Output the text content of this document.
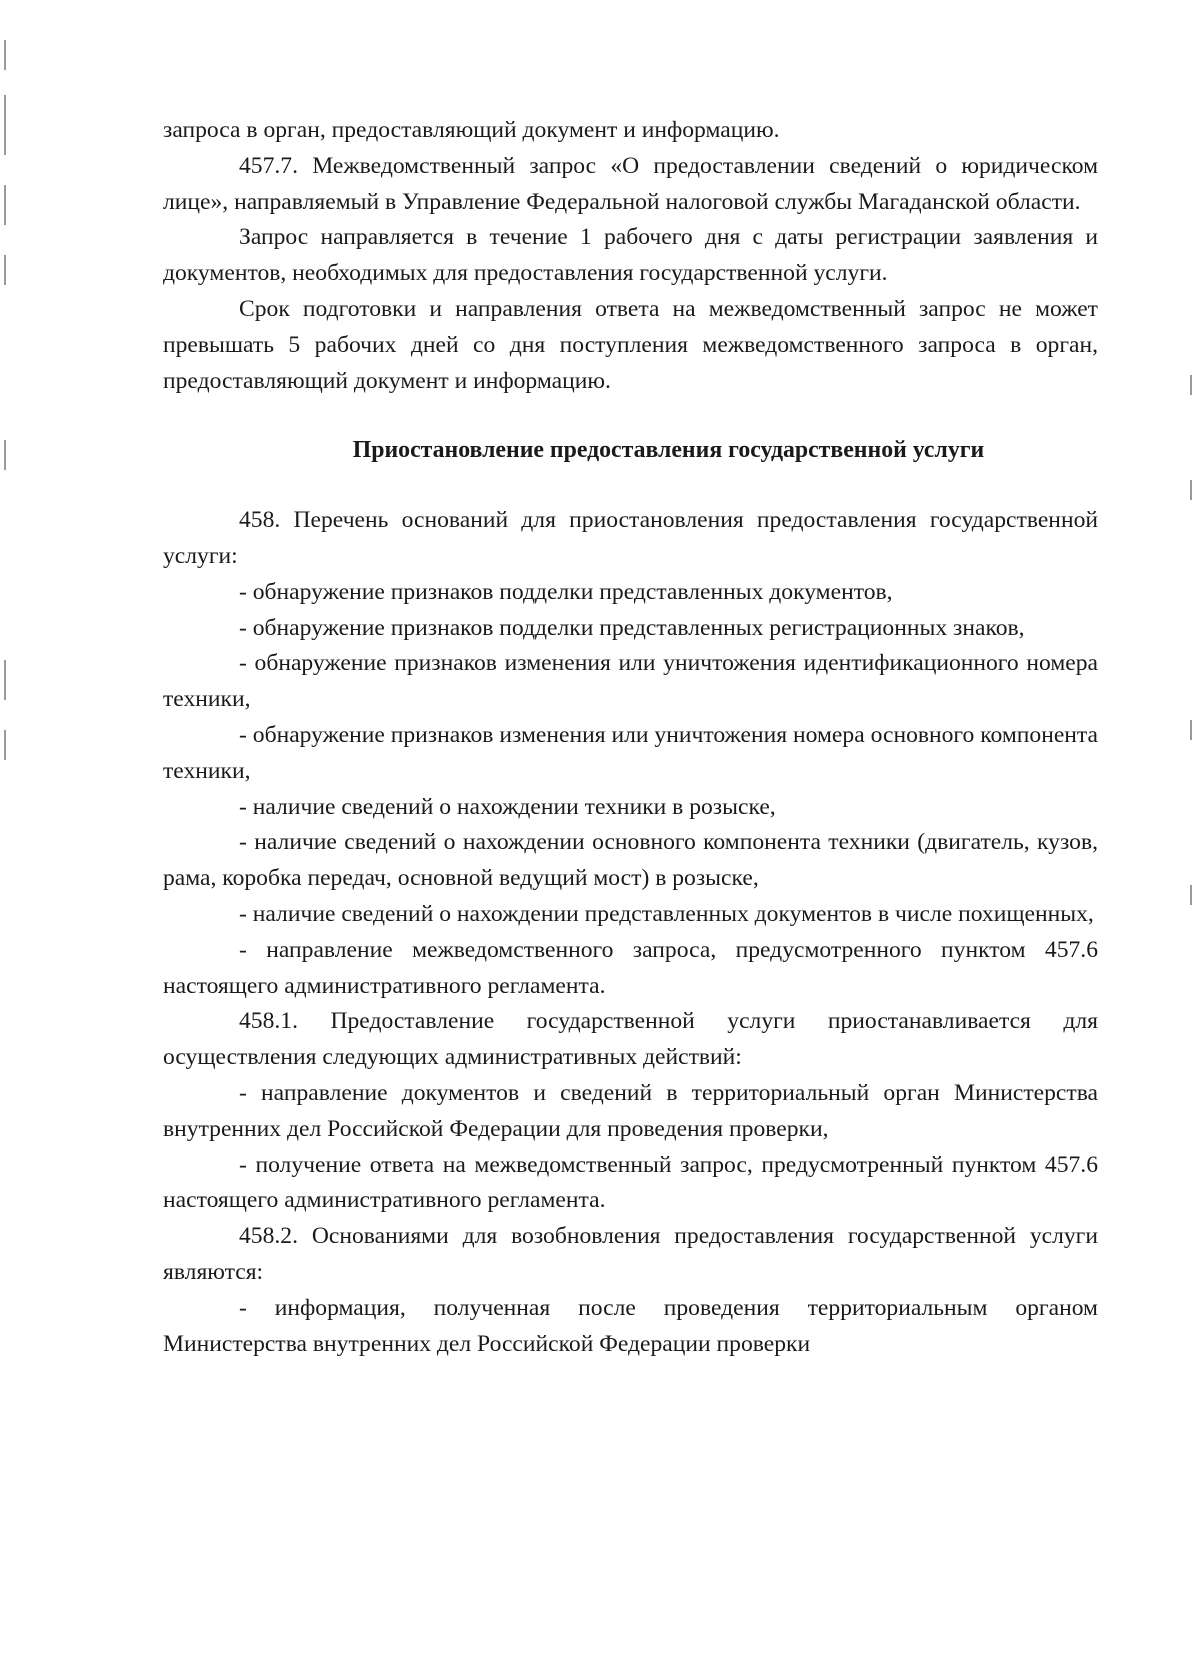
запроса в орган, предоставляющий документ и информацию.

457.7. Межведомственный запрос «О предоставлении сведений о юридическом лице», направляемый в Управление Федеральной налоговой службы Магаданской области.

Запрос направляется в течение 1 рабочего дня с даты регистрации заявления и документов, необходимых для предоставления государственной услуги.

Срок подготовки и направления ответа на межведомственный запрос не может превышать 5 рабочих дней со дня поступления межведомственного запроса в орган, предоставляющий документ и информацию.

Приостановление предоставления государственной услуги

458. Перечень оснований для приостановления предоставления государственной услуги:

- обнаружение признаков подделки представленных документов,

- обнаружение признаков подделки представленных регистрационных знаков,

- обнаружение признаков изменения или уничтожения идентификационного номера техники,

- обнаружение признаков изменения или уничтожения номера основного компонента техники,

- наличие сведений о нахождении техники в розыске,

- наличие сведений о нахождении основного компонента техники (двигатель, кузов, рама, коробка передач, основной ведущий мост) в розыске,

- наличие сведений о нахождении представленных документов в числе похищенных,

- направление межведомственного запроса, предусмотренного пунктом 457.6 настоящего административного регламента.

458.1. Предоставление государственной услуги приостанавливается для осуществления следующих административных действий:

- направление документов и сведений в территориальный орган Министерства внутренних дел Российской Федерации для проведения проверки,

- получение ответа на межведомственный запрос, предусмотренный пунктом 457.6 настоящего административного регламента.

458.2. Основаниями для возобновления предоставления государственной услуги являются:

- информация, полученная после проведения территориальным органом Министерства внутренних дел Российской Федерации проверки
